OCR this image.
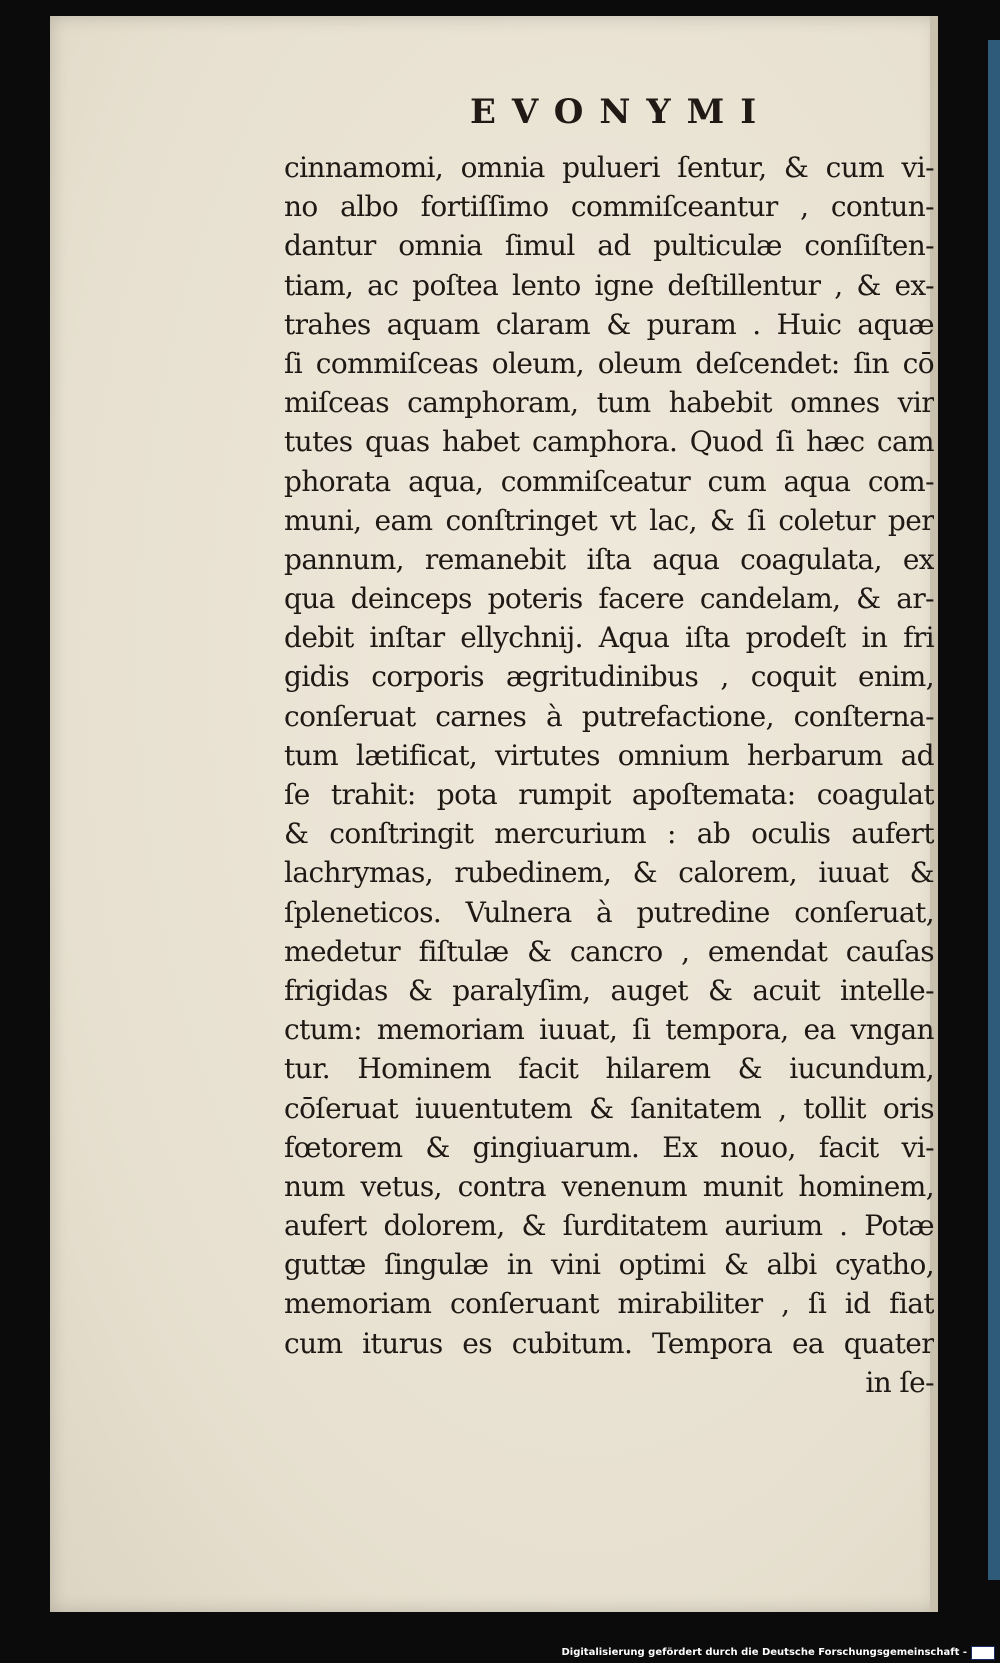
EVONYMI
cinnamomi, omnia pulueri ſentur, & cum vi-
no albo fortiſſimo commiſceantur , contun-
dantur omnia ſimul ad pulticulæ conſiſten-
tiam, ac poſtea lento igne deſtillentur , & ex-
trahes aquam claram & puram . Huic aquæ
ſi commiſceas oleum, oleum deſcendet: ſin cō
miſceas camphoram, tum habebit omnes vir
tutes quas habet camphora. Quod ſi hæc cam
phorata aqua, commiſceatur cum aqua com-
muni, eam conſtringet vt lac, & ſi coletur per
pannum, remanebit iſta aqua coagulata, ex
qua deinceps poteris facere candelam, & ar-
debit inſtar ellychnij. Aqua iſta prodeſt in fri
gidis corporis ægritudinibus , coquit enim,
conſeruat carnes à putrefactione, conſterna-
tum lætificat, virtutes omnium herbarum ad
ſe trahit: pota rumpit apoſtemata: coagulat
& conſtringit mercurium : ab oculis aufert
lachrymas, rubedinem, & calorem, iuuat &
ſpleneticos. Vulnera à putredine conſeruat,
medetur fiſtulæ & cancro , emendat cauſas
frigidas & paralyſim, auget & acuit intelle-
ctum: memoriam iuuat, ſi tempora, ea vngan
tur. Hominem facit hilarem & iucundum,
cōſeruat iuuentutem & ſanitatem , tollit oris
fœtorem & gingiuarum. Ex nouo, facit vi-
num vetus, contra venenum munit hominem,
aufert dolorem, & ſurditatem aurium . Potæ
guttæ ſingulæ in vini optimi & albi cyatho,
memoriam conſeruant mirabiliter , ſi id fiat
cum iturus es cubitum. Tempora ea quater
in ſe-
Digitalisierung gefördert durch die Deutsche Forschungsgemeinschaft -
